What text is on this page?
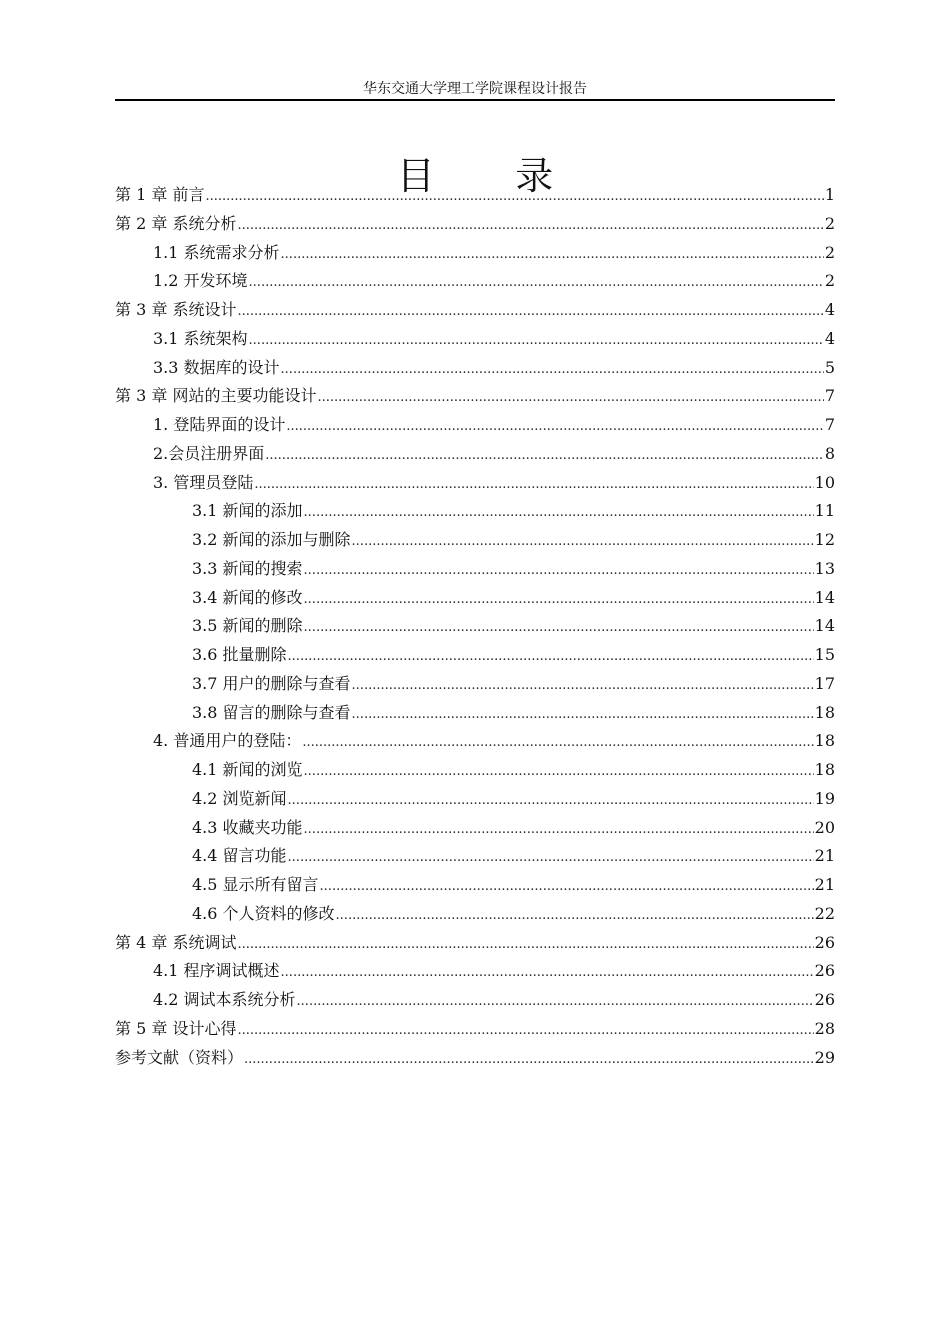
华东交通大学理工学院课程设计报告
目 录
第 1 章 前言 .....	1
第 2 章 系统分析 .....	2
1.1 系统需求分析 .....	2
1.2 开发环境 .....	2
第 3 章 系统设计 .....	4
3.1 系统架构 .....	4
3.3 数据库的设计 .....	5
第 3 章 网站的主要功能设计 .....	7
1. 登陆界面的设计 .....	7
2.会员注册界面 .....	8
3. 管理员登陆 .....	10
3.1 新闻的添加 .....	11
3.2 新闻的添加与删除 .....	12
3.3 新闻的搜索 .....	13
3.4 新闻的修改 .....	14
3.5 新闻的删除 .....	14
3.6 批量删除 .....	15
3.7 用户的删除与查看 .....	17
3.8 留言的删除与查看 .....	18
4. 普通用户的登陆： .....	18
4.1 新闻的浏览 .....	18
4.2 浏览新闻 .....	19
4.3 收藏夹功能 .....	20
4.4 留言功能 .....	21
4.5 显示所有留言 .....	21
4.6 个人资料的修改 .....	22
第 4 章 系统调试 .....	26
4.1 程序调试概述 .....	26
4.2 调试本系统分析 .....	26
第 5 章 设计心得 .....	28
参考文献（资料） .....	29
